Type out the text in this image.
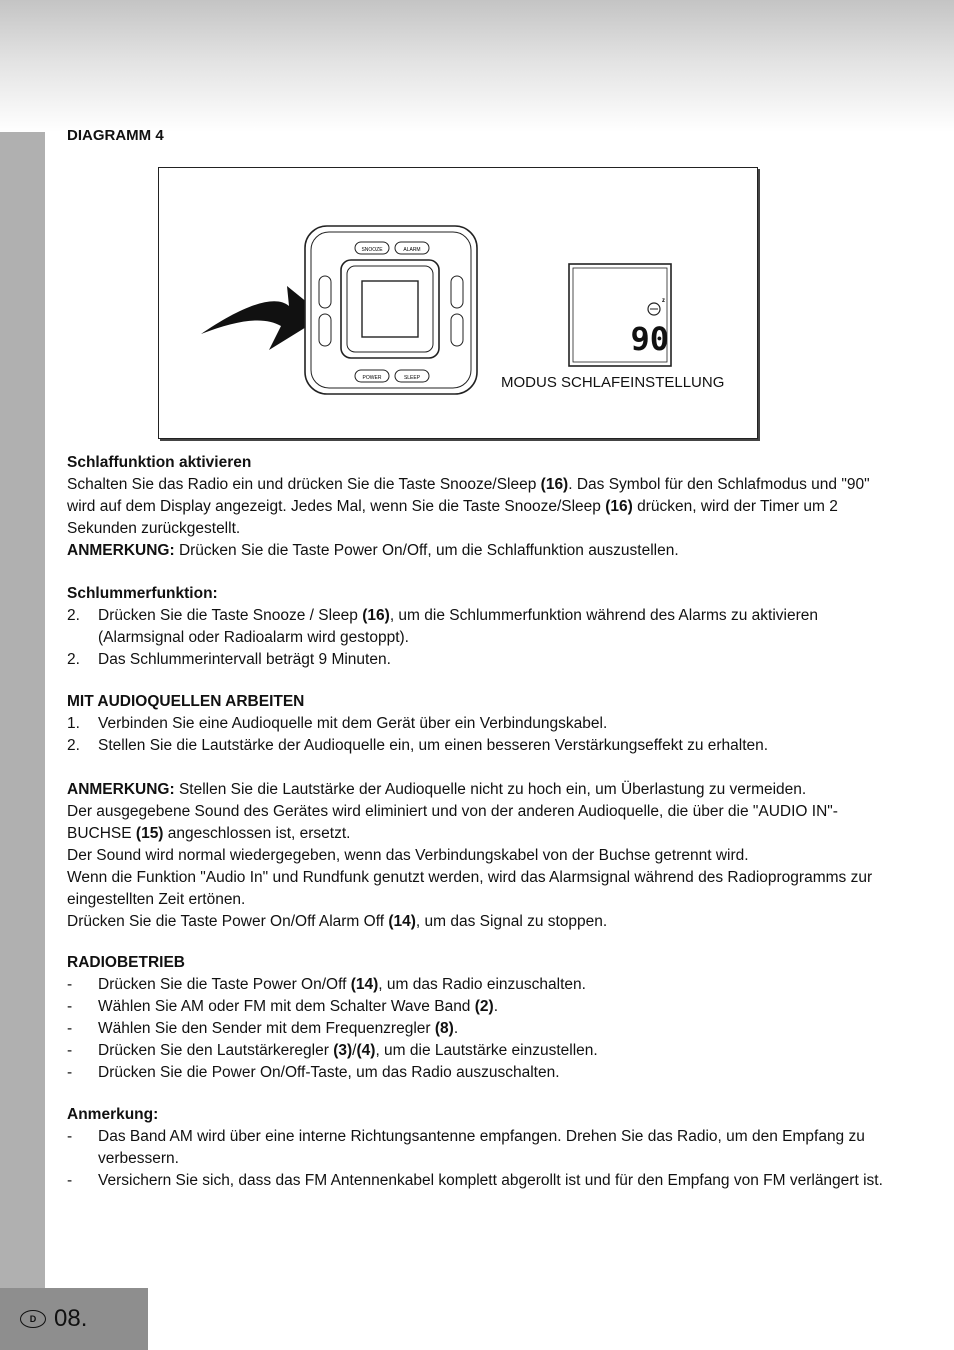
DIAGRAMM 4
SNOOZE	ALARM
POWER	SLEEP
z
90
MODUS SCHLAFEINSTELLUNG

Schlaffunktion aktivieren

Schalten Sie das Radio ein und drücken Sie die Taste Snooze/Sleep (16). Das Symbol für den Schlafmodus und "90" wird auf dem Display angezeigt. Jedes Mal, wenn Sie die Taste Snooze/Sleep (16) drücken, wird der Timer um 2 Sekunden zurückgestellt.

ANMERKUNG: Drücken Sie die Taste Power On/Off, um die Schlaffunktion auszustellen.

Schlummerfunktion:

2. Drücken Sie die Taste Snooze / Sleep (16), um die Schlummerfunktion während des Alarms zu aktivieren (Alarmsignal oder Radioalarm wird gestoppt).

2. Das Schlummerintervall beträgt 9 Minuten.

MIT AUDIOQUELLEN ARBEITEN

1. Verbinden Sie eine Audioquelle mit dem Gerät über ein Verbindungskabel.

2. Stellen Sie die Lautstärke der Audioquelle ein, um einen besseren Verstärkungseffekt zu erhalten.

ANMERKUNG: Stellen Sie die Lautstärke der Audioquelle nicht zu hoch ein, um Überlastung zu vermeiden.

Der ausgegebene Sound des Gerätes wird eliminiert und von der anderen Audioquelle, die über die "AUDIO IN"-BUCHSE (15) angeschlossen ist, ersetzt.

Der Sound wird normal wiedergegeben, wenn das Verbindungskabel von der Buchse getrennt wird.

Wenn die Funktion "Audio In" und Rundfunk genutzt werden, wird das Alarmsignal während des Radioprogramms zur eingestellten Zeit ertönen.

Drücken Sie die Taste Power On/Off Alarm Off (14), um das Signal zu stoppen.

RADIOBETRIEB

- Drücken Sie die Taste Power On/Off (14), um das Radio einzuschalten.

- Wählen Sie AM oder FM mit dem Schalter Wave Band (2).

- Wählen Sie den Sender mit dem Frequenzregler (8).

- Drücken Sie den Lautstärkeregler (3)/(4), um die Lautstärke einzustellen.

- Drücken Sie die Power On/Off-Taste, um das Radio auszuschalten.

Anmerkung:

- Das Band AM wird über eine interne Richtungsantenne empfangen. Drehen Sie das Radio, um den Empfang zu verbessern.

- Versichern Sie sich, dass das FM Antennenkabel komplett abgerollt ist und für den Empfang von FM verlängert ist.

D 08.
